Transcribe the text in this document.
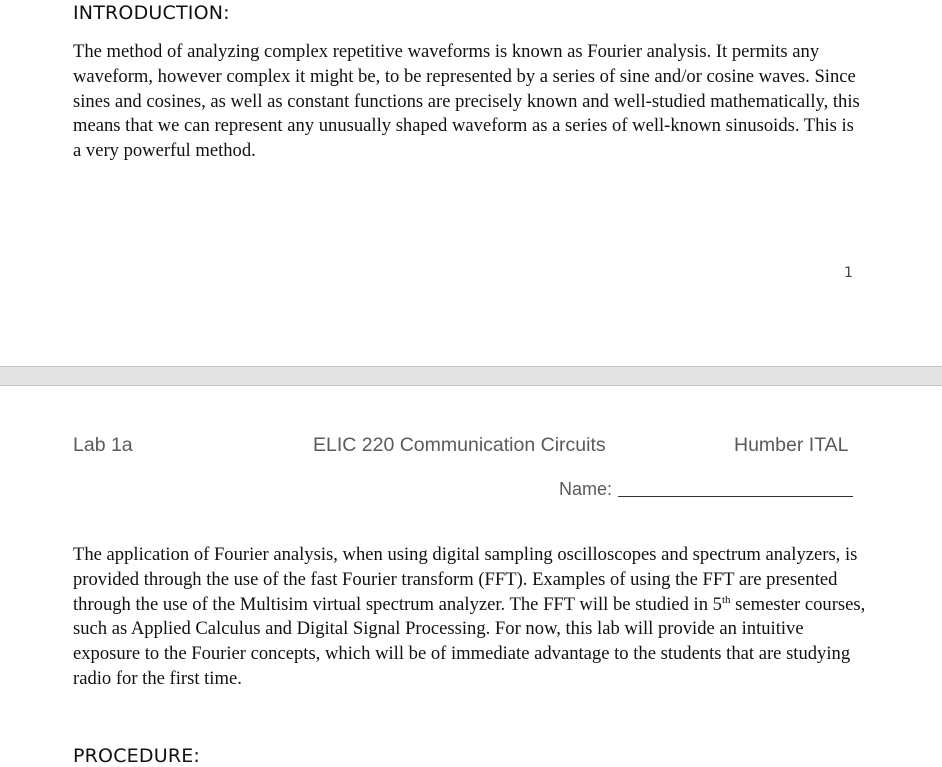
INTRODUCTION:

The method of analyzing complex repetitive waveforms is known as Fourier analysis. It permits any waveform, however complex it might be, to be represented by a series of sine and/or cosine waves. Since sines and cosines, as well as constant functions are precisely known and well-studied mathematically, this means that we can represent any unusually shaped waveform as a series of well-known sinusoids. This is a very powerful method.

1
Lab 1a	ELIC 220 Communication Circuits	Humber ITAL
Name:

The application of Fourier analysis, when using digital sampling oscilloscopes and spectrum analyzers, is provided through the use of the fast Fourier transform (FFT). Examples of using the FFT are presented through the use of the Multisim virtual spectrum analyzer. The FFT will be studied in 5th semester courses, such as Applied Calculus and Digital Signal Processing. For now, this lab will provide an intuitive exposure to the Fourier concepts, which will be of immediate advantage to the students that are studying radio for the first time.

PROCEDURE:
